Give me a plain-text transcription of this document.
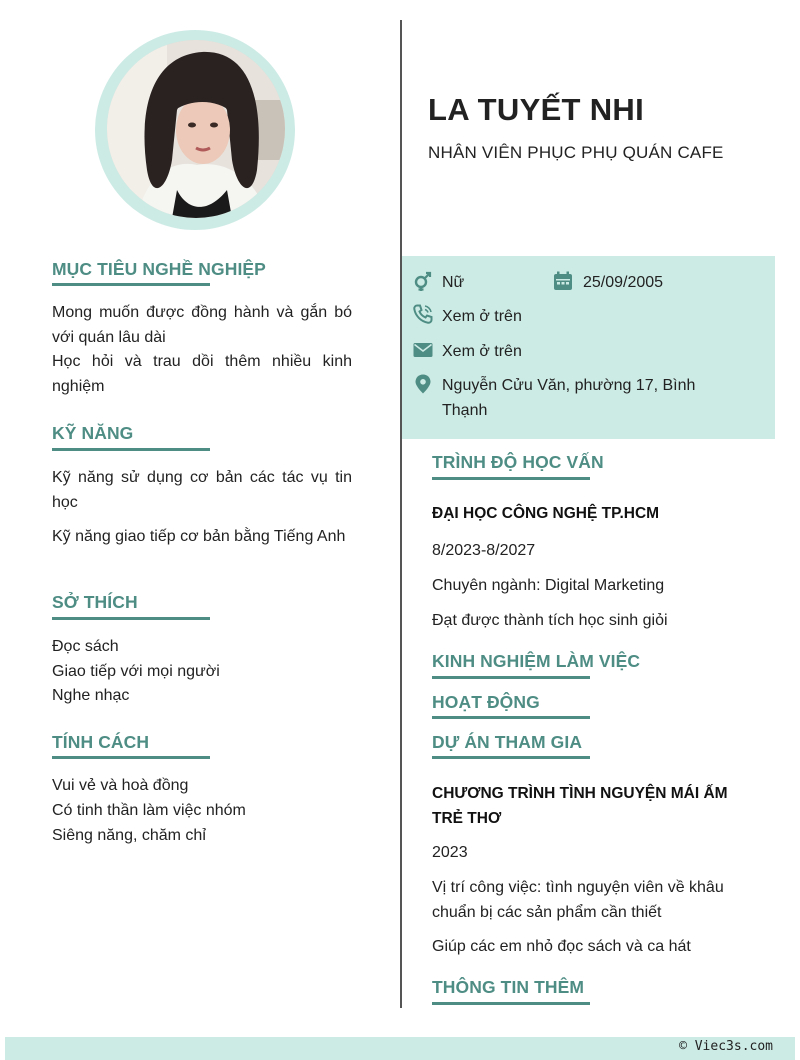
MỤC TIÊU NGHỀ NGHIỆP
Mong muốn được đồng hành và gắn bó với quán lâu dài
Học hỏi và trau dồi thêm nhiều kinh nghiệm
KỸ NĂNG
Kỹ năng sử dụng cơ bản các tác vụ tin học
Kỹ năng giao tiếp cơ bản bằng Tiếng Anh
SỞ THÍCH
Đọc sách
Giao tiếp với mọi người
Nghe nhạc
TÍNH CÁCH
Vui vẻ và hoà đồng
Có tinh thần làm việc nhóm
Siêng năng, chăm chỉ
LA TUYẾT NHI
NHÂN VIÊN PHỤC PHỤ QUÁN CAFE
Nữ	25/09/2005
Xem ở trên
Xem ở trên
Nguyễn Cửu Văn, phường 17, Bình Thạnh
TRÌNH ĐỘ HỌC VẤN
ĐẠI HỌC CÔNG NGHỆ TP.HCM
8/2023-8/2027
Chuyên ngành: Digital Marketing
Đạt được thành tích học sinh giỏi
KINH NGHIỆM LÀM VIỆC
HOẠT ĐỘNG
DỰ ÁN THAM GIA
CHƯƠNG TRÌNH TÌNH NGUYỆN MÁI ẤM TRẺ THƠ
2023
Vị trí công việc: tình nguyện viên về khâu chuẩn bị các sản phẩm cần thiết
Giúp các em nhỏ đọc sách và ca hát
THÔNG TIN THÊM
© Viec3s.com
